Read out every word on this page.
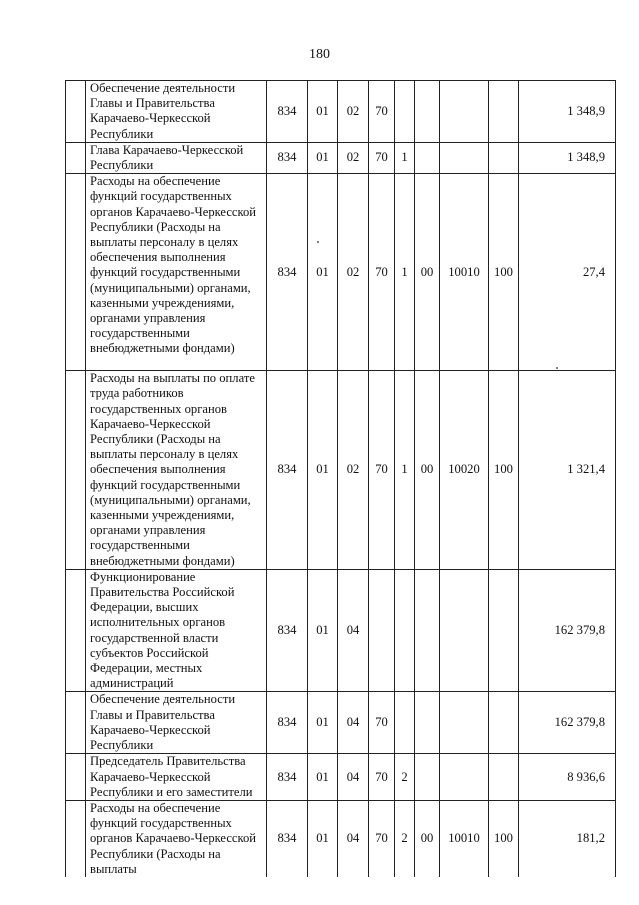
180
	Обеспечение деятельности Главы и Правительства Карачаево-Черкесской Республики	834	01	02	70					1 348,9
	Глава Карачаево-Черкесской Республики	834	01	02	70	1				1 348,9
	Расходы на обеспечение функций государственных органов Карачаево-Черкесской Республики (Расходы на выплаты персоналу в целях обеспечения выполнения функций государственными (муниципальными) органами, казенными учреждениями, органами управления государственными внебюджетными фондами)	834	01	02	70	1	00	10010	100	27,4
	Расходы на выплаты по оплате труда работников государственных органов Карачаево-Черкесской Республики (Расходы на выплаты персоналу в целях обеспечения выполнения функций государственными (муниципальными) органами, казенными учреждениями, органами управления государственными внебюджетными фондами)	834	01	02	70	1	00	10020	100	1 321,4
	Функционирование Правительства Российской Федерации, высших исполнительных органов государственной власти субъектов Российской Федерации, местных администраций	834	01	04						162 379,8
	Обеспечение деятельности Главы и Правительства Карачаево-Черкесской Республики	834	01	04	70					162 379,8
	Председатель Правительства Карачаево-Черкесской Республики и его заместители	834	01	04	70	2				8 936,6
	Расходы на обеспечение функций государственных органов Карачаево-Черкесской Республики (Расходы на выплаты	834	01	04	70	2	00	10010	100	181,2
